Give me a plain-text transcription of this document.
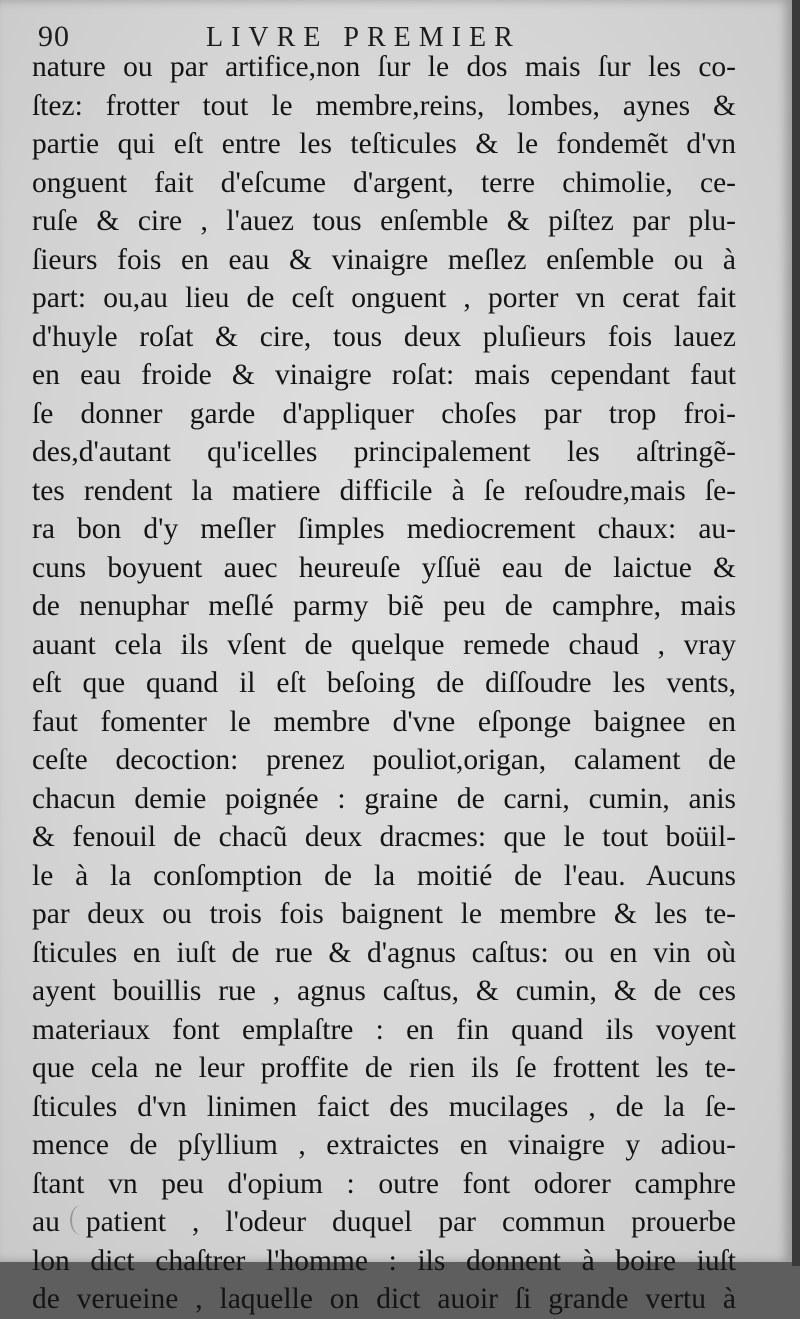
90	LIVRE PREMIER
nature ou par artifice,non ſur le dos mais ſur les co-
ſtez: frotter tout le membre,reins, lombes, aynes &
partie qui eſt entre les teſticules & le fondemẽt d'vn
onguent fait d'eſcume d'argent, terre chimolie, ce-
ruſe & cire , l'auez tous enſemble & piſtez par plu-
ſieurs fois en eau & vinaigre meſlez enſemble ou à
part: ou,au lieu de ceſt onguent , porter vn cerat fait
d'huyle roſat & cire, tous deux pluſieurs fois lauez
en eau froide & vinaigre roſat: mais cependant faut
ſe donner garde d'appliquer choſes par trop froi-
des,d'autant qu'icelles principalement les aſtringẽ-
tes rendent la matiere difficile à ſe reſoudre,mais ſe-
ra bon d'y meſler ſimples mediocrement chaux: au-
cuns boyuent auec heureuſe yſſuë eau de laictue &
de nenuphar meſlé parmy biẽ peu de camphre, mais
auant cela ils vſent de quelque remede chaud , vray
eſt que quand il eſt beſoing de diſſoudre les vents,
faut fomenter le membre d'vne eſponge baignee en
ceſte decoction: prenez pouliot,origan, calament de
chacun demie poignée : graine de carni, cumin, anis
& fenouil de chacũ deux dracmes: que le tout boüil-
le à la conſomption de la moitié de l'eau. Aucuns
par deux ou trois fois baignent le membre & les te-
ſticules en iuſt de rue & d'agnus caſtus: ou en vin où
ayent bouillis rue , agnus caſtus, & cumin, & de ces
materiaux font emplaſtre : en fin quand ils voyent
que cela ne leur proffite de rien ils ſe frottent les te-
ſticules d'vn linimen faict des mucilages , de la ſe-
mence de pſyllium , extraictes en vinaigre y adiou-
ſtant vn peu d'opium : outre font odorer camphre
au patient , l'odeur duquel par commun prouerbe
lon dict chaſtrer l'homme : ils donnent à boire iuſt
de verueine , laquelle on dict auoir ſi grande vertu à
